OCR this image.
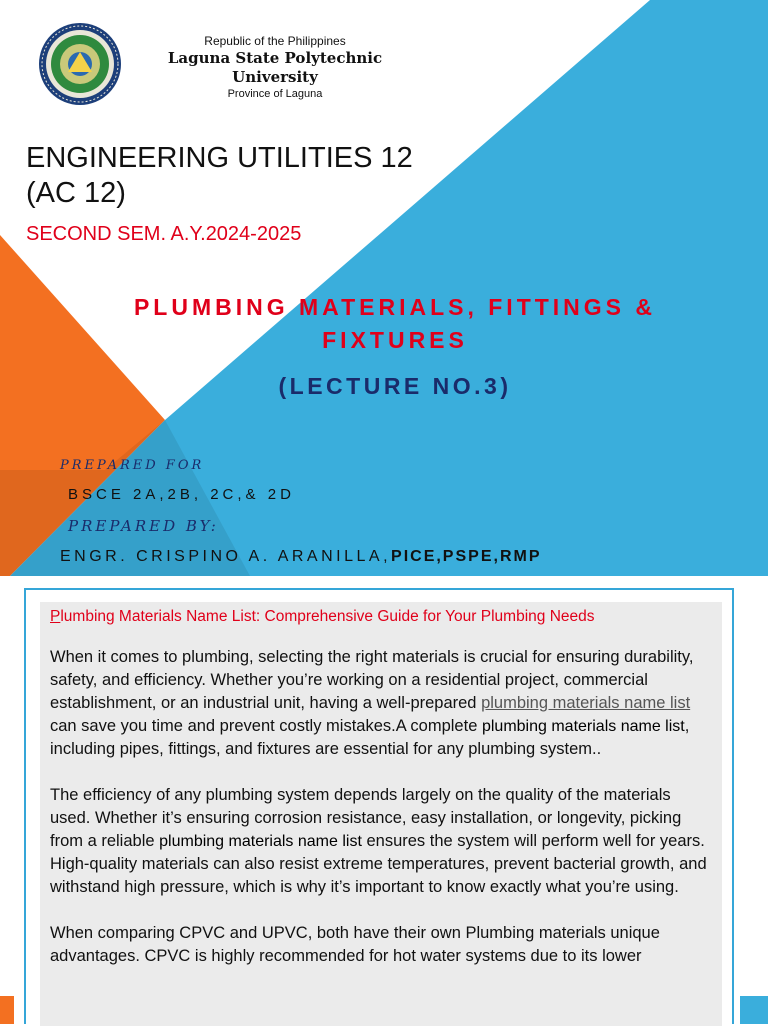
Republic of the Philippines
Laguna State Polytechnic University
Province of Laguna
ENGINEERING UTILITIES 12
(AC 12)
SECOND SEM. A.Y.2024-2025
PLUMBING MATERIALS, FITTINGS &
FIXTURES
(LECTURE NO.3)
PREPARED FOR
BSCE 2A,2B, 2C,& 2D
PREPARED BY:
ENGR. CRISPINO A. ARANILLA,PICE,PSPE,RMP
Plumbing Materials Name List: Comprehensive Guide for Your Plumbing Needs

When it comes to plumbing, selecting the right materials is crucial for ensuring durability, safety, and efficiency. Whether you’re working on a residential project, commercial establishment, or an industrial unit, having a well-prepared plumbing materials name list can save you time and prevent costly mistakes.A complete plumbing materials name list, including pipes, fittings, and fixtures are essential for any plumbing system..

The efficiency of any plumbing system depends largely on the quality of the materials used. Whether it’s ensuring corrosion resistance, easy installation, or longevity, picking from a reliable plumbing materials name list ensures the system will perform well for years. High-quality materials can also resist extreme temperatures, prevent bacterial growth, and withstand high pressure, which is why it’s important to know exactly what you’re using.

When comparing CPVC and UPVC, both have their own Plumbing materials unique advantages. CPVC is highly recommended for hot water systems due to its lower
